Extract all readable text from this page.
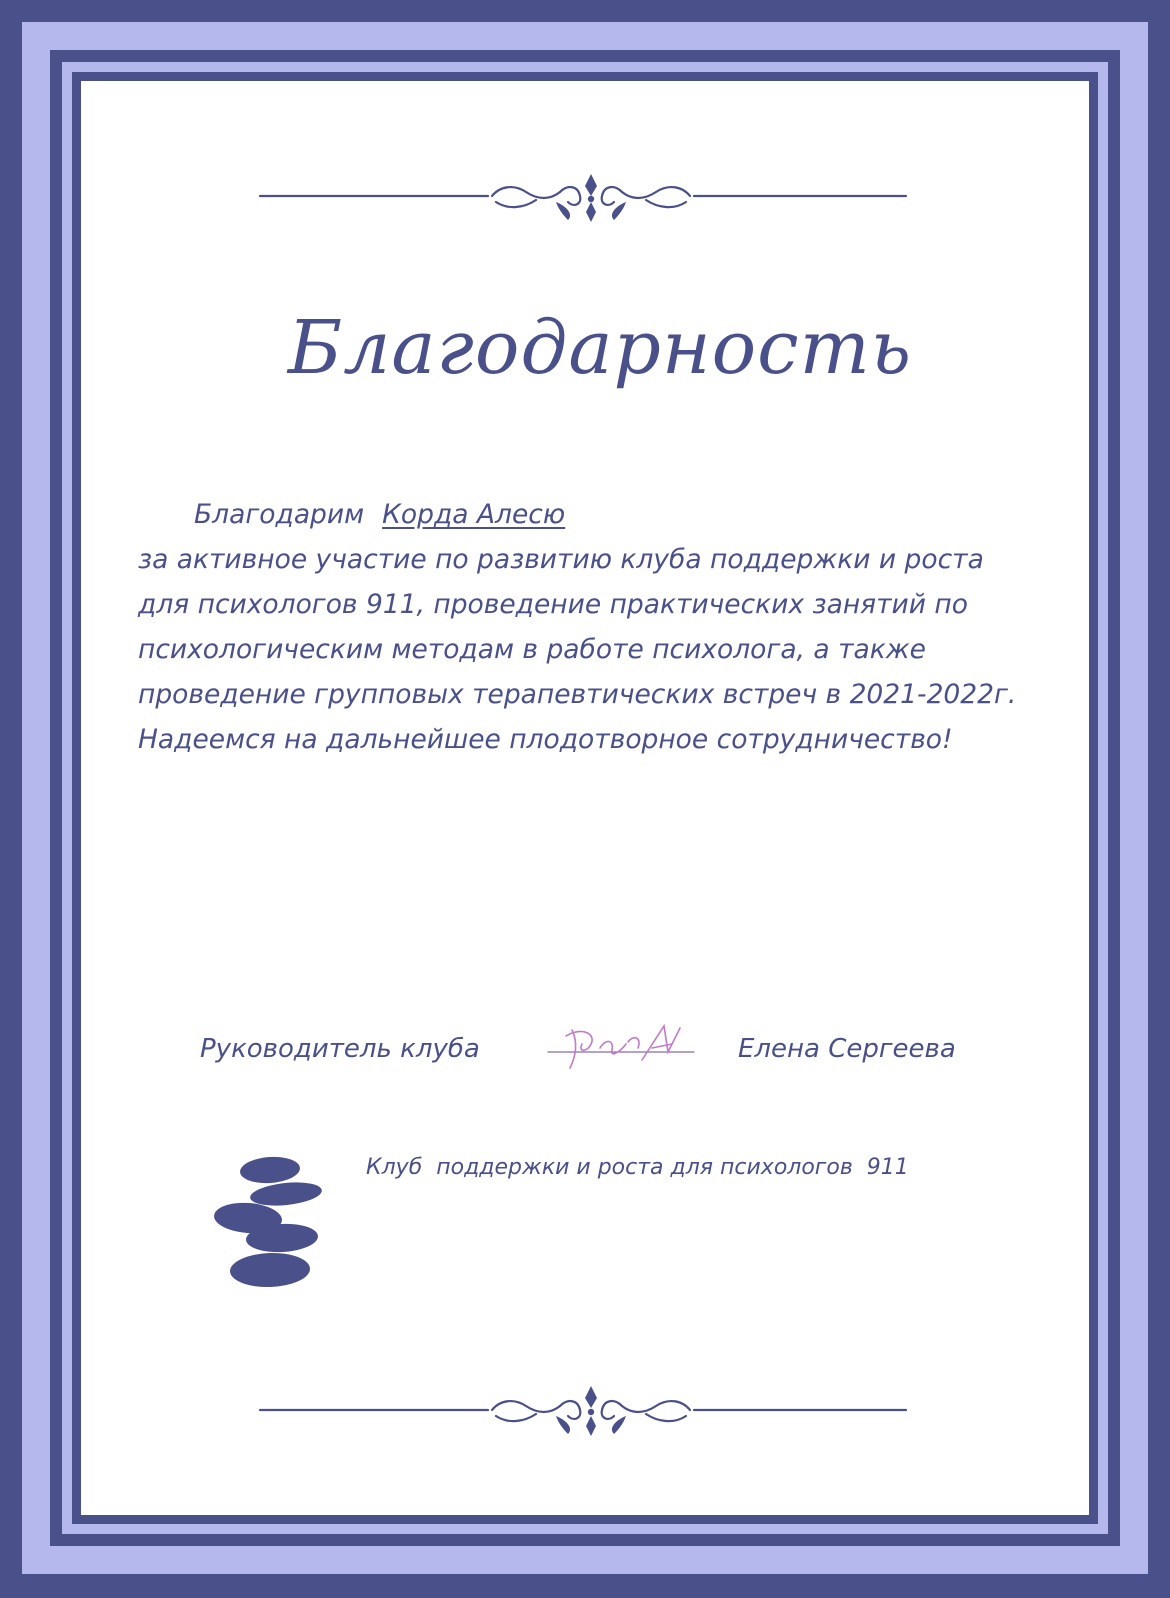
Благодарность
Благодарим Корда Алесю
за активное участие по развитию клуба поддержки и роста
для психологов 911, проведение практических занятий по
психологическим методам в работе психолога, а также
проведение групповых терапевтических встреч в 2021-2022г.
Надеемся на дальнейшее плодотворное сотрудничество!
Руководитель клуба	Елена Сергеева
Клуб  поддержки и роста для психологов  911
